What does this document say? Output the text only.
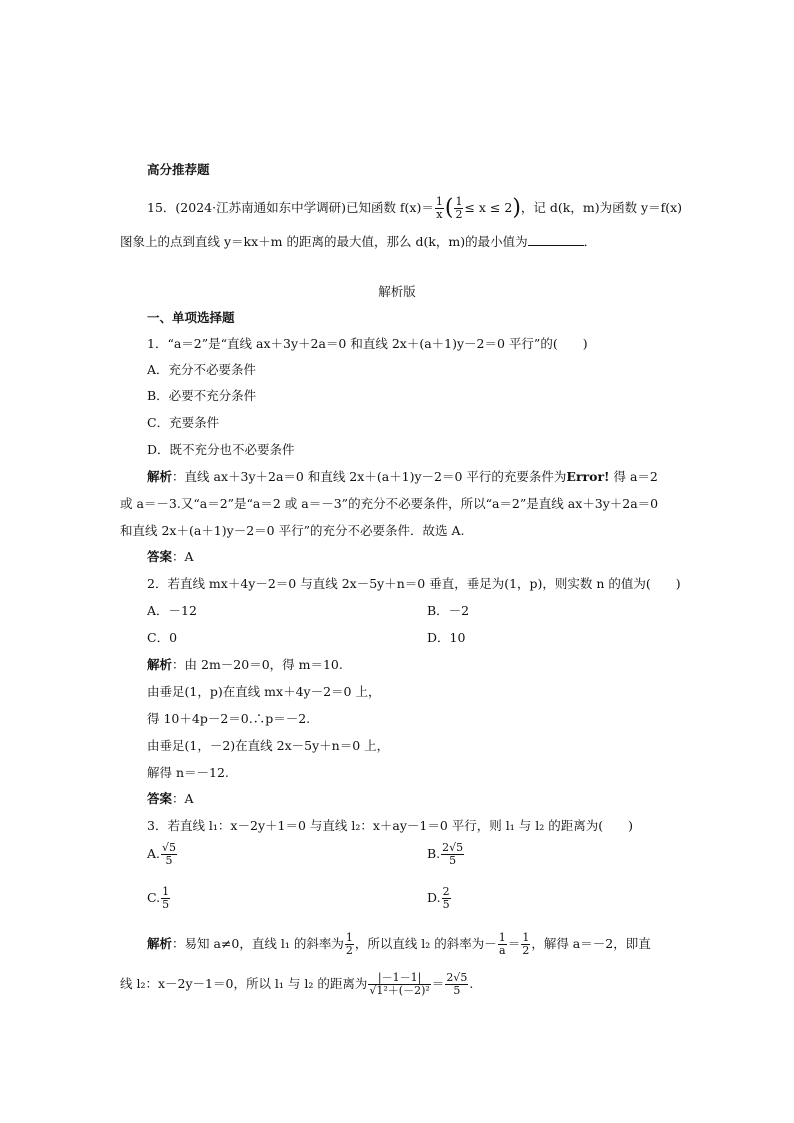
高分推荐题
15．(2024·江苏南通如东中学调研)已知函数 $f(x)= \frac{1}{x}$ ( $\frac{1}{2} \le x \le 2$)，记 d(k，m)为函数 y＝f(x)
图象上的点到直线 y＝kx＋m 的距离的最大值，那么 d(k，m)的最小值为	．
解析版
一、单项选择题
1．“a＝2”是“直线 ax＋3y＋2a＝0 和直线 2x＋(a＋1)y－2＝0 平行”的(　　)
A．充分不必要条件
B．必要不充分条件
C．充要条件
D．既不充分也不必要条件
解析：直线 ax＋3y＋2a＝0 和直线 2x＋(a＋1)y－2＝0 平行的充要条件为Error! 得 a＝2
或 a＝－3.又“a＝2”是“a＝2 或 a＝－3”的充分不必要条件，所以“a＝2”是直线 ax＋3y＋2a＝0
和直线 2x＋(a＋1)y－2＝0 平行”的充分不必要条件．故选 A.
答案：A
2．若直线 mx＋4y－2＝0 与直线 2x－5y＋n＝0 垂直，垂足为(1，p)，则实数 n 的值为(　　)
A．－12	B．－2
C．0	D．10
解析：由 2m－20＝0，得 m＝10.
由垂足(1，p)在直线 mx＋4y－2＝0 上，
得 10＋4p－2＝0.∴p＝－2.
由垂足(1，－2)在直线 2x－5y＋n＝0 上，
解得 n＝－12.
答案：A
3．若直线 l₁：x－2y＋1＝0 与直线 l₂：x＋ay－1＝0 平行，则 l₁ 与 l₂ 的距离为(　　)
A. $\frac{√5}{5}$	B. $\frac{2√5}{5}$
C. $\frac{1}{5}$	D. $\frac{2}{5}$
解析：易知 a≠0，直线 l₁ 的斜率为 $\frac{1}{2}$ ，所以直线 l₂ 的斜率为－ $\frac{1}{a} = \frac{1}{2}$ ，解得 a＝－2，即直
线 l₂：x－2y－1＝0，所以 l₁ 与 l₂ 的距离为 $\frac{|-1-1|}{\text{√1²＋(－2)²}} = \frac{2√5}{5}$ .
